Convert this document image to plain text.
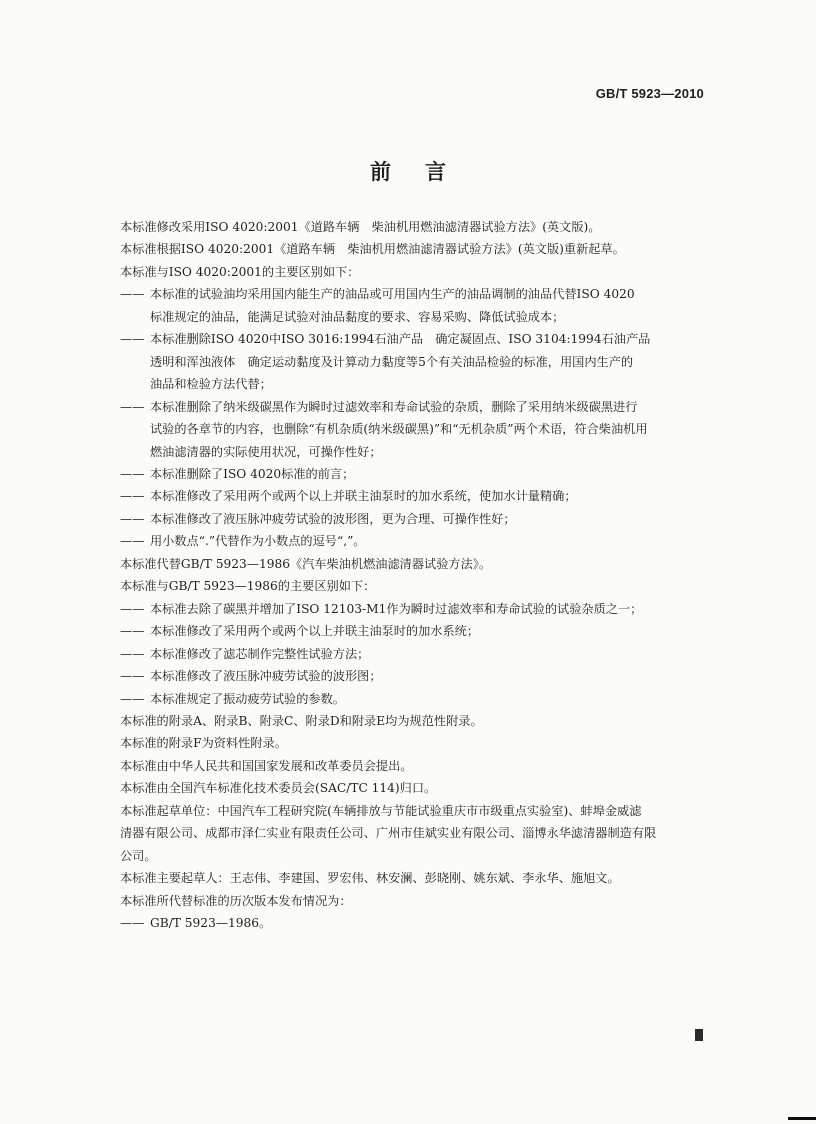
GB/T 5923—2010
前言
本标准修改采用ISO 4020:2001《道路车辆　柴油机用燃油滤清器试验方法》(英文版)。
本标准根据ISO 4020:2001《道路车辆　柴油机用燃油滤清器试验方法》(英文版)重新起草。
本标准与ISO 4020:2001的主要区别如下：
—— 本标准的试验油均采用国内能生产的油品或可用国内生产的油品调制的油品代替ISO 4020
标准规定的油品，能满足试验对油品黏度的要求、容易采购、降低试验成本；
—— 本标准删除ISO 4020中ISO 3016:1994石油产品　确定凝固点、ISO 3104:1994石油产品
透明和浑浊液体　确定运动黏度及计算动力黏度等5个有关油品检验的标准，用国内生产的
油品和检验方法代替；
—— 本标准删除了纳米级碳黑作为瞬时过滤效率和寿命试验的杂质，删除了采用纳米级碳黑进行
试验的各章节的内容，也删除“有机杂质(纳米级碳黑)”和“无机杂质”两个术语，符合柴油机用
燃油滤清器的实际使用状况，可操作性好；
—— 本标准删除了ISO 4020标准的前言；
—— 本标准修改了采用两个或两个以上并联主油泵时的加水系统，使加水计量精确；
—— 本标准修改了液压脉冲疲劳试验的波形图，更为合理、可操作性好；
—— 用小数点“.”代替作为小数点的逗号“,”。
本标准代替GB/T 5923—1986《汽车柴油机燃油滤清器试验方法》。
本标准与GB/T 5923—1986的主要区别如下：
—— 本标准去除了碳黑并增加了ISO 12103-M1作为瞬时过滤效率和寿命试验的试验杂质之一；
—— 本标准修改了采用两个或两个以上并联主油泵时的加水系统；
—— 本标准修改了滤芯制作完整性试验方法；
—— 本标准修改了液压脉冲疲劳试验的波形图；
—— 本标准规定了振动疲劳试验的参数。
本标准的附录A、附录B、附录C、附录D和附录E均为规范性附录。
本标准的附录F为资料性附录。
本标准由中华人民共和国国家发展和改革委员会提出。
本标准由全国汽车标准化技术委员会(SAC/TC 114)归口。
本标准起草单位：中国汽车工程研究院(车辆排放与节能试验重庆市市级重点实验室)、蚌埠金威滤
清器有限公司、成都市泽仁实业有限责任公司、广州市佳斌实业有限公司、淄博永华滤清器制造有限
公司。
本标准主要起草人：王志伟、李建国、罗宏伟、林安澜、彭晓刚、姚东斌、李永华、施旭文。
本标准所代替标准的历次版本发布情况为：
—— GB/T 5923—1986。
